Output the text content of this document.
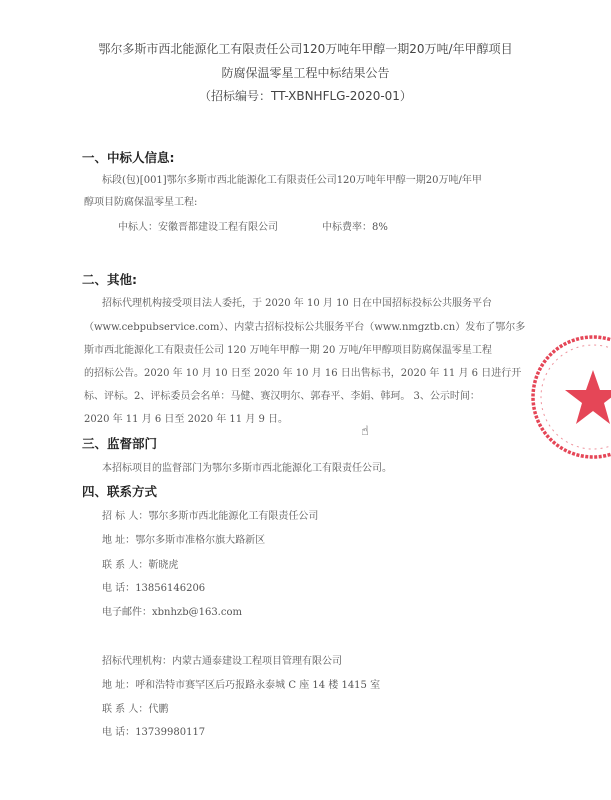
鄂尔多斯市西北能源化工有限责任公司120万吨年甲醇一期20万吨/年甲醇项目
防腐保温零星工程中标结果公告
（招标编号：TT-XBNHFLG-2020-01）
一、中标人信息:
标段(包)[001]鄂尔多斯市西北能源化工有限责任公司120万吨年甲醇一期20万吨/年甲
醇项目防腐保温零星工程:
中标人：安徽晋都建设工程有限公司	中标费率：8%
二、其他:
招标代理机构接受项目法人委托，于 2020 年 10 月 10 日在中国招标投标公共服务平台
（www.cebpubservice.com）、内蒙古招标投标公共服务平台（www.nmgztb.cn）发布了鄂尔多
斯市西北能源化工有限责任公司 120 万吨年甲醇一期 20 万吨/年甲醇项目防腐保温零星工程
的招标公告。2020 年 10 月 10 日至 2020 年 10 月 16 日出售标书，2020 年 11 月 6 日进行开
标、评标。2、评标委员会名单：马健、赛汉明尔、郭春平、李娟、韩珂。 3、公示时间：
2020 年 11 月 6 日至 2020 年 11 月 9 日。
三、监督部门
本招标项目的监督部门为鄂尔多斯市西北能源化工有限责任公司。
四、联系方式
招 标 人：鄂尔多斯市西北能源化工有限责任公司
地 址：鄂尔多斯市准格尔旗大路新区
联 系 人：靳晓虎
电 话：13856146206
电子邮件：xbnhzb@163.com
招标代理机构：内蒙古通泰建设工程项目管理有限公司
地 址：呼和浩特市赛罕区后巧报路永泰城 C 座 14 楼 1415 室
联 系 人：代鹏
电 话：13739980117
☝
